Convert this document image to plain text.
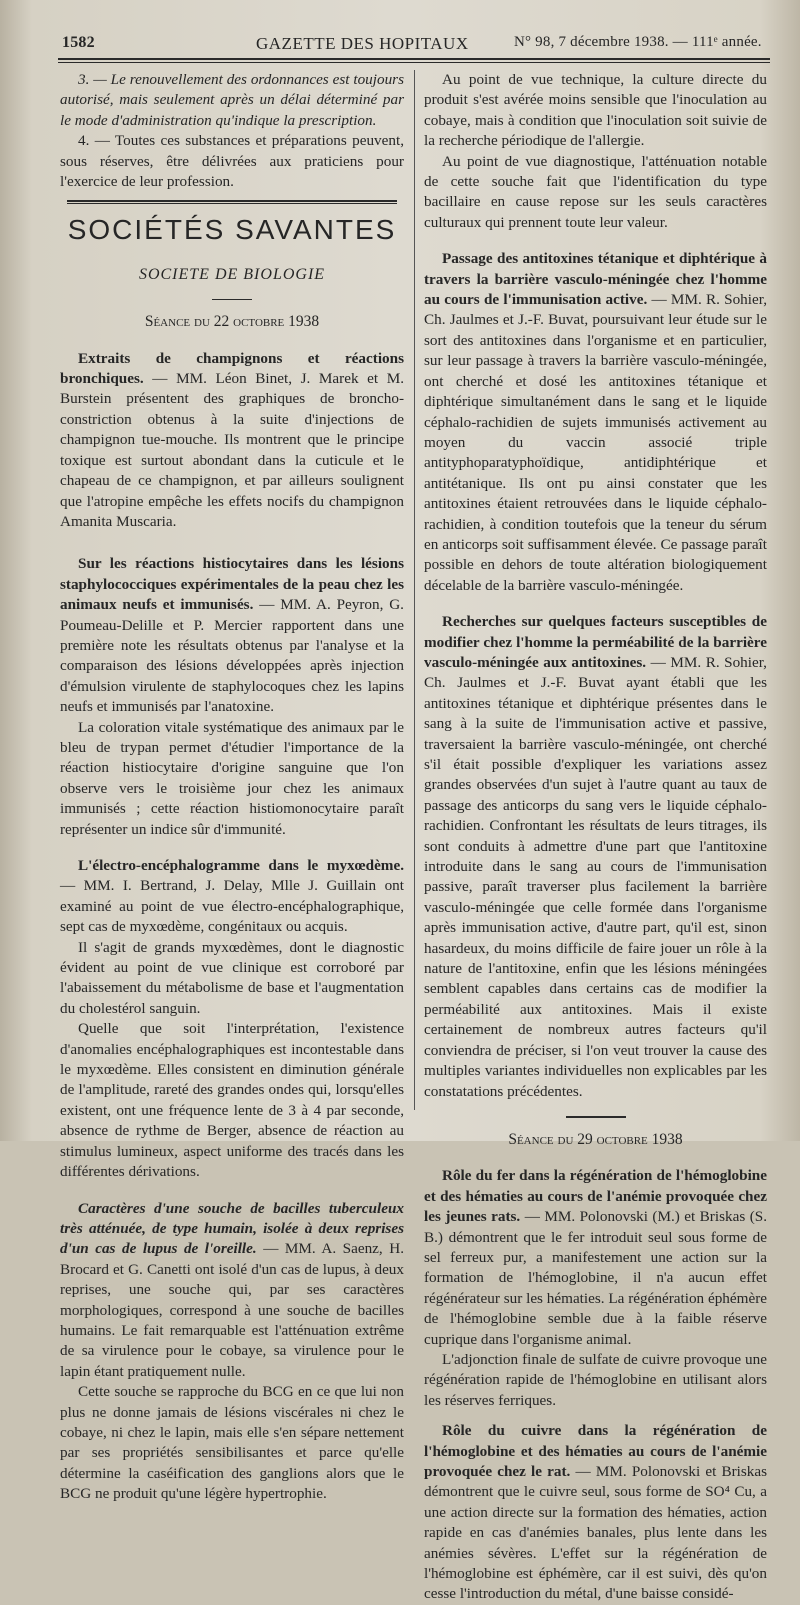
1582	GAZETTE DES HOPITAUX	N° 98, 7 décembre 1938. — 111ᵉ année.

3. — Le renouvellement des ordonnances est toujours autorisé, mais seulement après un délai déterminé par le mode d'administration qu'indique la prescription.

4. — Toutes ces substances et préparations peuvent, sous réserves, être délivrées aux praticiens pour l'exercice de leur profession.

SOCIÉTÉS SAVANTES
SOCIETE DE BIOLOGIE
Séance du 22 octobre 1938

Extraits de champignons et réactions bronchiques. — MM. Léon Binet, J. Marek et M. Burstein présentent des graphiques de broncho-constriction obtenus à la suite d'injections de champignon tue-mouche. Ils montrent que le principe toxique est surtout abondant dans la cuticule et le chapeau de ce champignon, et par ailleurs soulignent que l'atropine empêche les effets nocifs du champignon Amanita Muscaria.

Sur les réactions histiocytaires dans les lésions staphylococciques expérimentales de la peau chez les animaux neufs et immunisés. — MM. A. Peyron, G. Poumeau-Delille et P. Mercier rapportent dans une première note les résultats obtenus par l'analyse et la comparaison des lésions développées après injection d'émulsion virulente de staphylocoques chez les lapins neufs et immunisés par l'anatoxine.

La coloration vitale systématique des animaux par le bleu de trypan permet d'étudier l'importance de la réaction histiocytaire d'origine sanguine que l'on observe vers le troisième jour chez les animaux immunisés ; cette réaction histiomonocytaire paraît représenter un indice sûr d'immunité.

L'électro-encéphalogramme dans le myxœdème. — MM. I. Bertrand, J. Delay, Mlle J. Guillain ont examiné au point de vue électro-encéphalographique, sept cas de myxœdème, congénitaux ou acquis.

Il s'agit de grands myxœdèmes, dont le diagnostic évident au point de vue clinique est corroboré par l'abaissement du métabolisme de base et l'augmentation du cholestérol sanguin.

Quelle que soit l'interprétation, l'existence d'anomalies encéphalographiques est incontestable dans le myxœdème. Elles consistent en diminution générale de l'amplitude, rareté des grandes ondes qui, lorsqu'elles existent, ont une fréquence lente de 3 à 4 par seconde, absence de rythme de Berger, absence de réaction au stimulus lumineux, aspect uniforme des tracés dans les différentes dérivations.

Caractères d'une souche de bacilles tuberculeux très atténuée, de type humain, isolée à deux reprises d'un cas de lupus de l'oreille. — MM. A. Saenz, H. Brocard et G. Canetti ont isolé d'un cas de lupus, à deux reprises, une souche qui, par ses caractères morphologiques, correspond à une souche de bacilles humains. Le fait remarquable est l'atténuation extrême de sa virulence pour le cobaye, sa virulence pour le lapin étant pratiquement nulle.

Cette souche se rapproche du BCG en ce que lui non plus ne donne jamais de lésions viscérales ni chez le cobaye, ni chez le lapin, mais elle s'en sépare nettement par ses propriétés sensibilisantes et parce qu'elle détermine la caséification des ganglions alors que le BCG ne produit qu'une légère hypertrophie.

Au point de vue technique, la culture directe du produit s'est avérée moins sensible que l'inoculation au cobaye, mais à condition que l'inoculation soit suivie de la recherche périodique de l'allergie.

Au point de vue diagnostique, l'atténuation notable de cette souche fait que l'identification du type bacillaire en cause repose sur les seuls caractères culturaux qui prennent toute leur valeur.

Passage des antitoxines tétanique et diphtérique à travers la barrière vasculo-méningée chez l'homme au cours de l'immunisation active. — MM. R. Sohier, Ch. Jaulmes et J.-F. Buvat, poursuivant leur étude sur le sort des antitoxines dans l'organisme et en particulier, sur leur passage à travers la barrière vasculo-méningée, ont cherché et dosé les antitoxines tétanique et diphtérique simultanément dans le sang et le liquide céphalo-rachidien de sujets immunisés activement au moyen du vaccin associé triple antityphoparatyphoïdique, antidiphtérique et antitétanique. Ils ont pu ainsi constater que les antitoxines étaient retrouvées dans le liquide céphalo-rachidien, à condition toutefois que la teneur du sérum en anticorps soit suffisamment élevée. Ce passage paraît possible en dehors de toute altération biologiquement décelable de la barrière vasculo-méningée.

Recherches sur quelques facteurs susceptibles de modifier chez l'homme la perméabilité de la barrière vasculo-méningée aux antitoxines. — MM. R. Sohier, Ch. Jaulmes et J.-F. Buvat ayant établi que les antitoxines tétanique et diphtérique présentes dans le sang à la suite de l'immunisation active et passive, traversaient la barrière vasculo-méningée, ont cherché s'il était possible d'expliquer les variations assez grandes observées d'un sujet à l'autre quant au taux de passage des anticorps du sang vers le liquide céphalo-rachidien. Confrontant les résultats de leurs titrages, ils sont conduits à admettre d'une part que l'antitoxine introduite dans le sang au cours de l'immunisation passive, paraît traverser plus facilement la barrière vasculo-méningée que celle formée dans l'organisme après immunisation active, d'autre part, qu'il est, sinon hasardeux, du moins difficile de faire jouer un rôle à la nature de l'antitoxine, enfin que les lésions méningées semblent capables dans certains cas de modifier la perméabilité aux antitoxines. Mais il existe certainement de nombreux autres facteurs qu'il conviendra de préciser, si l'on veut trouver la cause des multiples variantes individuelles non explicables par les constatations précédentes.

Séance du 29 octobre 1938

Rôle du fer dans la régénération de l'hémoglobine et des hématies au cours de l'anémie provoquée chez les jeunes rats. — MM. Polonovski (M.) et Briskas (S. B.) démontrent que le fer introduit seul sous forme de sel ferreux pur, a manifestement une action sur la formation de l'hémoglobine, il n'a aucun effet régénérateur sur les hématies. La régénération éphémère de l'hémoglobine semble due à la faible réserve cuprique dans l'organisme animal.

L'adjonction finale de sulfate de cuivre provoque une régénération rapide de l'hémoglobine en utilisant alors les réserves ferriques.

Rôle du cuivre dans la régénération de l'hémoglobine et des hématies au cours de l'anémie provoquée chez le rat. — MM. Polonovski et Briskas démontrent que le cuivre seul, sous forme de SO⁴ Cu, a une action directe sur la formation des hématies, action rapide en cas d'anémies banales, plus lente dans les anémies sévères. L'effet sur la régénération de l'hémoglobine est éphémère, car il est suivi, dès qu'on cesse l'introduction du métal, d'une baisse considé-
